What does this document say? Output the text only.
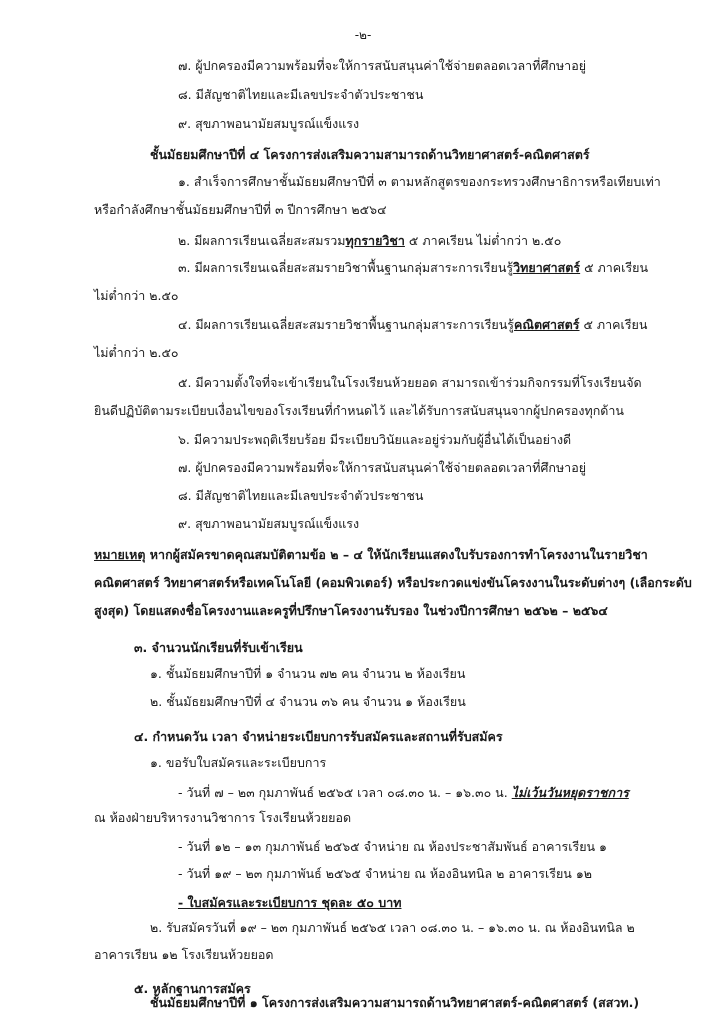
-๒-
๗. ผู้ปกครองมีความพร้อมที่จะให้การสนับสนุนค่าใช้จ่ายตลอดเวลาที่ศึกษาอยู่
๘. มีสัญชาติไทยและมีเลขประจำตัวประชาชน
๙. สุขภาพอนามัยสมบูรณ์แข็งแรง
ชั้นมัธยมศึกษาปีที่ ๔ โครงการส่งเสริมความสามารถด้านวิทยาศาสตร์-คณิตศาสตร์
๑. สำเร็จการศึกษาชั้นมัธยมศึกษาปีที่ ๓ ตามหลักสูตรของกระทรวงศึกษาธิการหรือเทียบเท่า
หรือกำลังศึกษาชั้นมัธยมศึกษาปีที่ ๓ ปีการศึกษา ๒๕๖๔
๒. มีผลการเรียนเฉลี่ยสะสมรวมทุกรายวิชา ๕ ภาคเรียน ไม่ต่ำกว่า ๒.๕๐
๓. มีผลการเรียนเฉลี่ยสะสมรายวิชาพื้นฐานกลุ่มสาระการเรียนรู้วิทยาศาสตร์ ๕ ภาคเรียน
ไม่ต่ำกว่า ๒.๕๐
๔. มีผลการเรียนเฉลี่ยสะสมรายวิชาพื้นฐานกลุ่มสาระการเรียนรู้คณิตศาสตร์ ๕ ภาคเรียน
ไม่ต่ำกว่า ๒.๕๐
๕. มีความตั้งใจที่จะเข้าเรียนในโรงเรียนห้วยยอด สามารถเข้าร่วมกิจกรรมที่โรงเรียนจัด
ยินดีปฏิบัติตามระเบียบเงื่อนไขของโรงเรียนที่กำหนดไว้ และได้รับการสนับสนุนจากผู้ปกครองทุกด้าน
๖. มีความประพฤติเรียบร้อย มีระเบียบวินัยและอยู่ร่วมกับผู้อื่นได้เป็นอย่างดี
๗. ผู้ปกครองมีความพร้อมที่จะให้การสนับสนุนค่าใช้จ่ายตลอดเวลาที่ศึกษาอยู่
๘. มีสัญชาติไทยและมีเลขประจำตัวประชาชน
๙. สุขภาพอนามัยสมบูรณ์แข็งแรง
หมายเหตุ หากผู้สมัครขาดคุณสมบัติตามข้อ ๒ – ๔ ให้นักเรียนแสดงใบรับรองการทำโครงงานในรายวิชา
คณิตศาสตร์ วิทยาศาสตร์หรือเทคโนโลยี (คอมพิวเตอร์) หรือประกวดแข่งขันโครงงานในระดับต่างๆ (เลือกระดับ
สูงสุด) โดยแสดงชื่อโครงงานและครูที่ปรึกษาโครงงานรับรอง ในช่วงปีการศึกษา ๒๕๖๒ – ๒๕๖๔
๓. จำนวนนักเรียนที่รับเข้าเรียน
๑. ชั้นมัธยมศึกษาปีที่ ๑ จำนวน ๗๒ คน จำนวน ๒ ห้องเรียน
๒. ชั้นมัธยมศึกษาปีที่ ๔ จำนวน ๓๖ คน จำนวน ๑ ห้องเรียน
๔. กำหนดวัน เวลา จำหน่ายระเบียบการรับสมัครและสถานที่รับสมัคร
๑. ขอรับใบสมัครและระเบียบการ
- วันที่ ๗ – ๒๓ กุมภาพันธ์ ๒๕๖๕ เวลา ๐๘.๓๐ น. – ๑๖.๓๐ น. ไม่เว้นวันหยุดราชการ
ณ ห้องฝ่ายบริหารงานวิชาการ โรงเรียนห้วยยอด
- วันที่ ๑๒ – ๑๓ กุมภาพันธ์ ๒๕๖๕ จำหน่าย ณ ห้องประชาสัมพันธ์ อาคารเรียน ๑
- วันที่ ๑๙ – ๒๓ กุมภาพันธ์ ๒๕๖๕ จำหน่าย ณ ห้องอินทนิล ๒ อาคารเรียน ๑๒
- ใบสมัครและระเบียบการ ชุดละ ๕๐ บาท
๒. รับสมัครวันที่ ๑๙ – ๒๓ กุมภาพันธ์ ๒๕๖๕ เวลา ๐๘.๓๐ น. – ๑๖.๓๐ น. ณ ห้องอินทนิล ๒
อาคารเรียน ๑๒ โรงเรียนห้วยยอด
๕. หลักฐานการสมัคร
ชั้นมัธยมศึกษาปีที่ ๑ โครงการส่งเสริมความสามารถด้านวิทยาศาสตร์-คณิตศาสตร์ (สสวท.)
